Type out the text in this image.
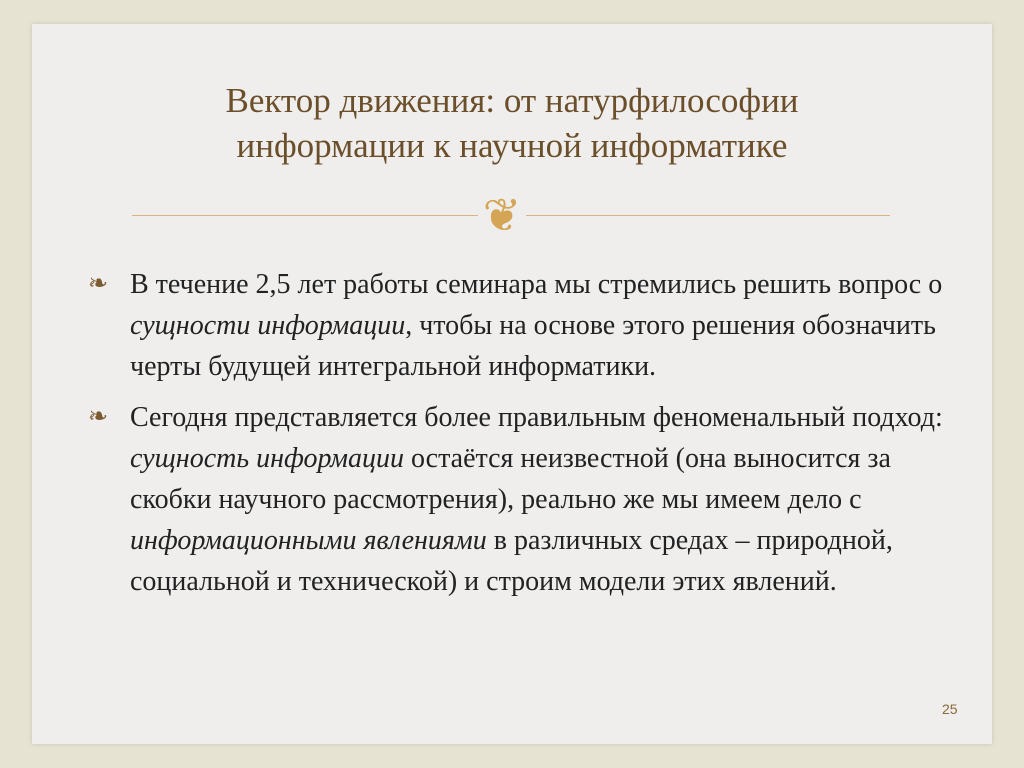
Вектор движения: от натурфилософии
информации к научной информатике
❦
❧ В течение 2,5 лет работы семинара мы стремились решить вопрос о сущности информации, чтобы на основе этого решения обозначить черты будущей интегральной информатики.
❧ Сегодня представляется более правильным феноменальный подход: сущность информации остаётся неизвестной (она выносится за скобки научного рассмотрения), реально же мы имеем дело с информационными явлениями в различных средах – природной, социальной и технической) и строим модели этих явлений.
25
